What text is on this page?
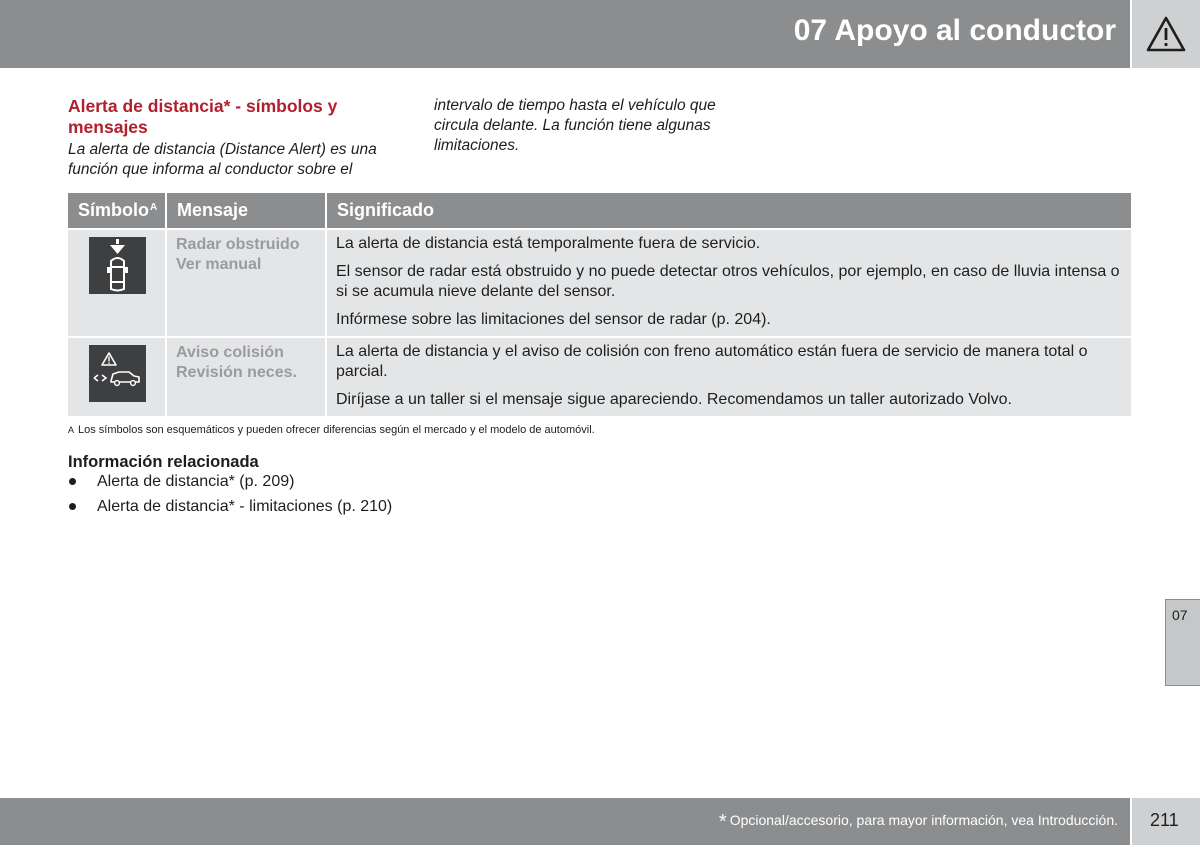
07 Apoyo al conductor
Alerta de distancia* - símbolos y mensajes

La alerta de distancia (Distance Alert) es una función que informa al conductor sobre el

intervalo de tiempo hasta el vehículo que circula delante. La función tiene algunas limitaciones.

Símbolo$^A$	Mensaje	Significado
Radar obstruido
Ver manual

La alerta de distancia está temporalmente fuera de servicio.

El sensor de radar está obstruido y no puede detectar otros vehículos, por ejemplo, en caso de lluvia intensa o si se acumula nieve delante del sensor.

Infórmese sobre las limitaciones del sensor de radar (p. 204).

Aviso colisión
Revisión neces.

La alerta de distancia y el aviso de colisión con freno automático están fuera de servicio de manera total o parcial.

Diríjase a un taller si el mensaje sigue apareciendo. Recomendamos un taller autorizado Volvo.

A Los símbolos son esquemáticos y pueden ofrecer diferencias según el mercado y el modelo de automóvil.
Información relacionada
Alerta de distancia* (p. 209)
Alerta de distancia* - limitaciones (p. 210)
07
* Opcional/accesorio, para mayor información, vea Introducción. 211
